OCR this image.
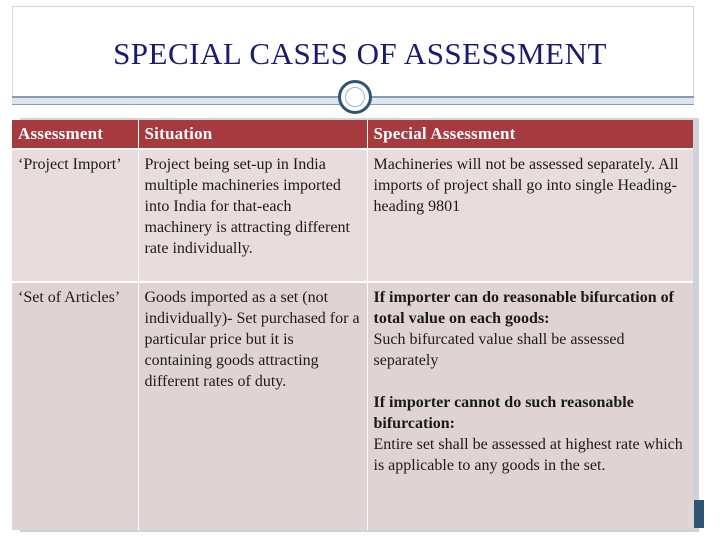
SPECIAL CASES OF ASSESSMENT
Assessment	Situation	Special Assessment
‘Project Import’	Project being set-up in India multiple machineries imported into India for that-each machinery is attracting different rate individually.	Machineries will not be assessed separately. All imports of project shall go into single Heading-heading 9801
‘Set of Articles’	Goods imported as a set (not individually)- Set purchased for a particular price but it is containing goods attracting different rates of duty.	If importer can do reasonable bifurcation of total value on each goods:
Such bifurcated value shall be assessed separately
If importer cannot do such reasonable bifurcation:
Entire set shall be assessed at highest rate which is applicable to any goods in the set.
